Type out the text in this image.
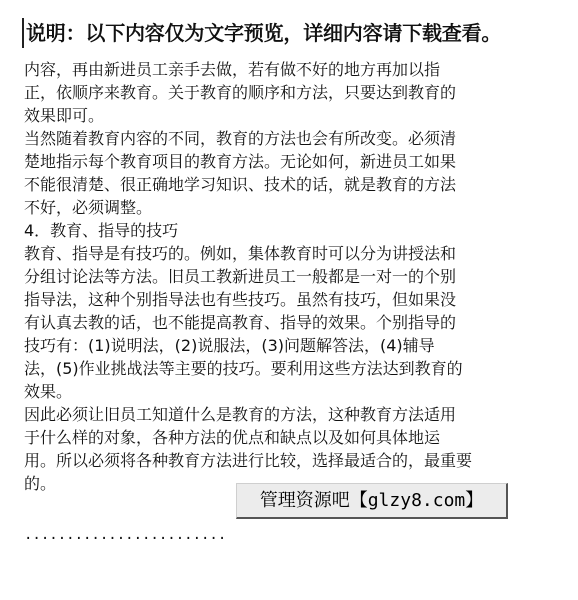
说明：以下内容仅为文字预览，详细内容请下载查看。
内容，再由新进员工亲手去做，若有做不好的地方再加以指
正，依顺序来教育。关于教育的顺序和方法，只要达到教育的
效果即可。
当然随着教育内容的不同，教育的方法也会有所改变。必须清
楚地指示每个教育项目的教育方法。无论如何，新进员工如果
不能很清楚、很正确地学习知识、技术的话，就是教育的方法
不好，必须调整。
4．教育、指导的技巧
教育、指导是有技巧的。例如，集体教育时可以分为讲授法和
分组讨论法等方法。旧员工教新进员工一般都是一对一的个别
指导法，这种个别指导法也有些技巧。虽然有技巧，但如果没
有认真去教的话，也不能提高教育、指导的效果。个别指导的
技巧有：(1)说明法，(2)说服法，(3)问题解答法，(4)辅导
法，(5)作业挑战法等主要的技巧。要利用这些方法达到教育的
效果。
因此必须让旧员工知道什么是教育的方法，这种教育方法适用
于什么样的对象，各种方法的优点和缺点以及如何具体地运
用。所以必须将各种教育方法进行比较，选择最适合的，最重要
的。
························
管理资源吧【glzy8.com】
